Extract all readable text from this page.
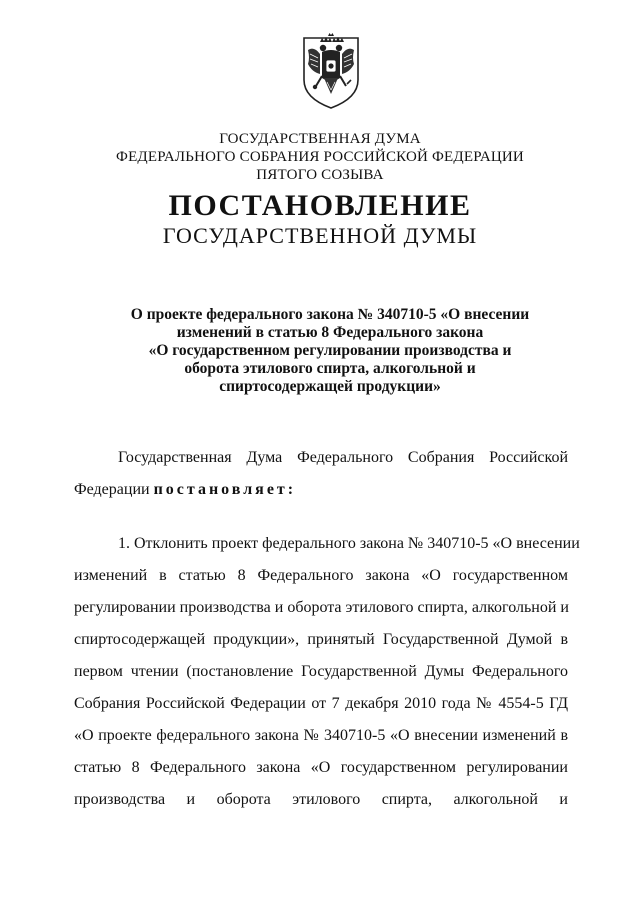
ГОСУДАРСТВЕННАЯ ДУМА
ФЕДЕРАЛЬНОГО СОБРАНИЯ РОССИЙСКОЙ ФЕДЕРАЦИИ
ПЯТОГО СОЗЫВА
ПОСТАНОВЛЕНИЕ
ГОСУДАРСТВЕННОЙ ДУМЫ
О проекте федерального закона № 340710-5 «О внесении
изменений в статью 8 Федерального закона
«О государственном регулировании производства и
оборота этилового спирта, алкогольной и
спиртосодержащей продукции»
Государственная Дума Федерального Собрания Российской
Федерации постановляет:
1. Отклонить проект федерального закона № 340710-5 «О внесении
изменений в статью 8 Федерального закона «О государственном
регулировании производства и оборота этилового спирта, алкогольной и
спиртосодержащей продукции», принятый Государственной Думой в
первом чтении (постановление Государственной Думы Федерального
Собрания Российской Федерации от 7 декабря 2010 года № 4554-5 ГД
«О проекте федерального закона № 340710-5 «О внесении изменений в
статью 8 Федерального закона «О государственном регулировании
производства и оборота этилового спирта, алкогольной и
